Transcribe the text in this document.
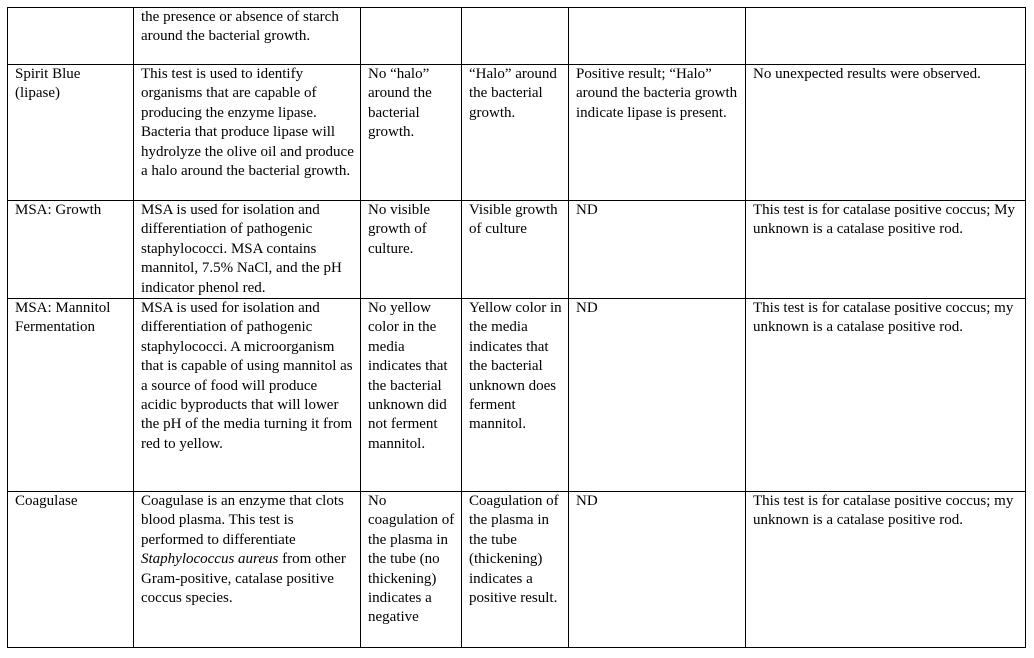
	the presence or absence of starch around the bacterial growth.				
Spirit Blue (lipase)	This test is used to identify organisms that are capable of producing the enzyme lipase. Bacteria that produce lipase will hydrolyze the olive oil and produce a halo around the bacterial growth.	No “halo” around the bacterial growth.	“Halo” around the bacterial growth.	Positive result; “Halo” around the bacteria growth indicate lipase is present.	No unexpected results were observed.
MSA: Growth	MSA is used for isolation and differentiation of pathogenic staphylococci. MSA contains mannitol, 7.5% NaCl, and the pH indicator phenol red.	No visible growth of culture.	Visible growth of culture	ND	This test is for catalase positive coccus; My unknown is a catalase positive rod.
MSA: Mannitol Fermentation	MSA is used for isolation and differentiation of pathogenic staphylococci. A microorganism that is capable of using mannitol as a source of food will produce acidic byproducts that will lower the pH of the media turning it from red to yellow.	No yellow color in the media indicates that the bacterial unknown did not ferment mannitol.	Yellow color in the media indicates that the bacterial unknown does ferment mannitol.	ND	This test is for catalase positive coccus; my unknown is a catalase positive rod.
Coagulase	Coagulase is an enzyme that clots blood plasma. This test is performed to differentiate Staphylococcus aureus from other Gram-positive, catalase positive coccus species.	No coagulation of the plasma in the tube (no thickening) indicates a negative	Coagulation of the plasma in the tube (thickening) indicates a positive result.	ND	This test is for catalase positive coccus; my unknown is a catalase positive rod.
